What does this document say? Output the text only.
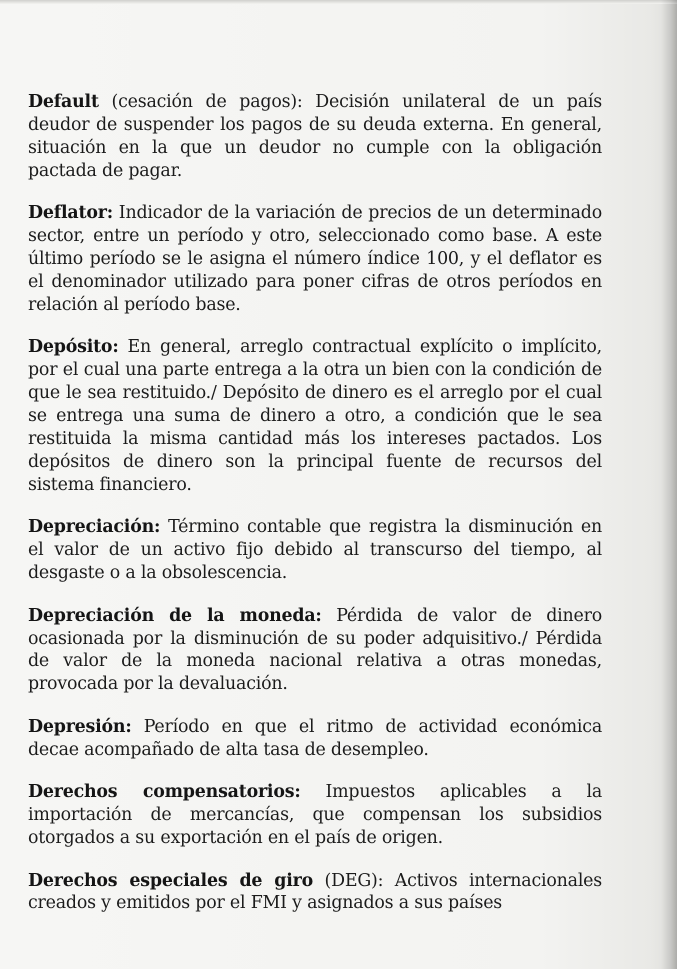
Default (cesación de pagos): Decisión unilateral de un país deudor de suspender los pagos de su deuda externa. En general, situación en la que un deudor no cumple con la obligación pactada de pagar.

Deflator: Indicador de la variación de precios de un determinado sector, entre un período y otro, seleccionado como base. A este último período se le asigna el número índice 100, y el deflator es el denominador utilizado para poner cifras de otros períodos en relación al período base.

Depósito: En general, arreglo contractual explícito o implícito, por el cual una parte entrega a la otra un bien con la condición de que le sea restituido./ Depósito de dinero es el arreglo por el cual se entrega una suma de dinero a otro, a condición que le sea restituida la misma cantidad más los intereses pactados. Los depósitos de dinero son la principal fuente de recursos del sistema financiero.

Depreciación: Término contable que registra la disminución en el valor de un activo fijo debido al transcurso del tiempo, al desgaste o a la obsolescencia.

Depreciación de la moneda: Pérdida de valor de dinero ocasionada por la disminución de su poder adquisitivo./ Pérdida de valor de la moneda nacional relativa a otras monedas, provocada por la devaluación.

Depresión: Período en que el ritmo de actividad económica decae acompañado de alta tasa de desempleo.

Derechos compensatorios: Impuestos aplicables a la importación de mercancías, que compensan los subsidios otorgados a su exportación en el país de origen.

Derechos especiales de giro (DEG): Activos internacionales creados y emitidos por el FMI y asignados a sus países
